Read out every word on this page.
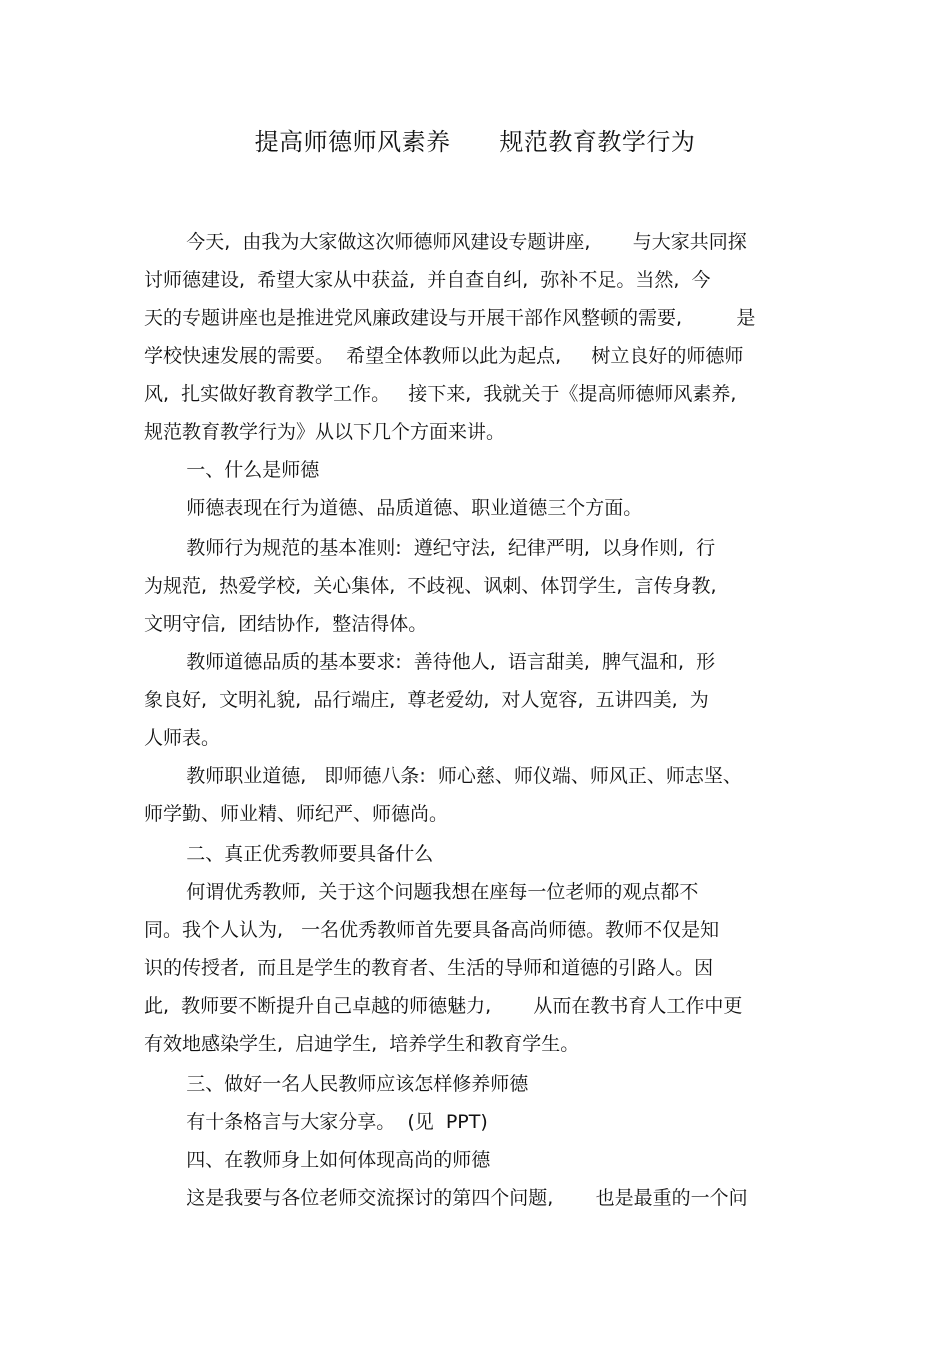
提高师德师风素养      规范教育教学行为
今天,  由我为大家做这次师德师风建设专题讲座,       与大家共同探
讨师德建设,  希望大家从中获益,  并自查自纠,  弥补不足。当然,  今
天的专题讲座也是推进党风廉政建设与开展干部作风整顿的需要,         是
学校快速发展的需要。  希望全体教师以此为起点,     树立良好的师德师
风,  扎实做好教育教学工作。   接下来,  我就关于《提高师德师风素养,
规范教育教学行为》从以下几个方面来讲。
一、什么是师德
师德表现在行为道德、品质道德、职业道德三个方面。
教师行为规范的基本准则:  遵纪守法,  纪律严明,  以身作则,  行
为规范,  热爱学校,  关心集体,  不歧视、讽刺、体罚学生,  言传身教,
文明守信,  团结协作,  整洁得体。
教师道德品质的基本要求:  善待他人,  语言甜美,  脾气温和,  形
象良好,  文明礼貌,  品行端庄,  尊老爱幼,  对人宽容,  五讲四美,  为
人师表。
教师职业道德,   即师德八条:  师心慈、师仪端、师风正、师志坚、
师学勤、师业精、师纪严、师德尚。
二、真正优秀教师要具备什么
何谓优秀教师,  关于这个问题我想在座每一位老师的观点都不
同。我个人认为,   一名优秀教师首先要具备高尚师德。教师不仅是知
识的传授者,  而且是学生的教育者、生活的导师和道德的引路人。因
此,  教师要不断提升自己卓越的师德魅力,       从而在教书育人工作中更
有效地感染学生,  启迪学生,  培养学生和教育学生。
三、做好一名人民教师应该怎样修养师德
有十条格言与大家分享。  (见  PPT)
四、在教师身上如何体现高尚的师德
这是我要与各位老师交流探讨的第四个问题,       也是最重的一个问
